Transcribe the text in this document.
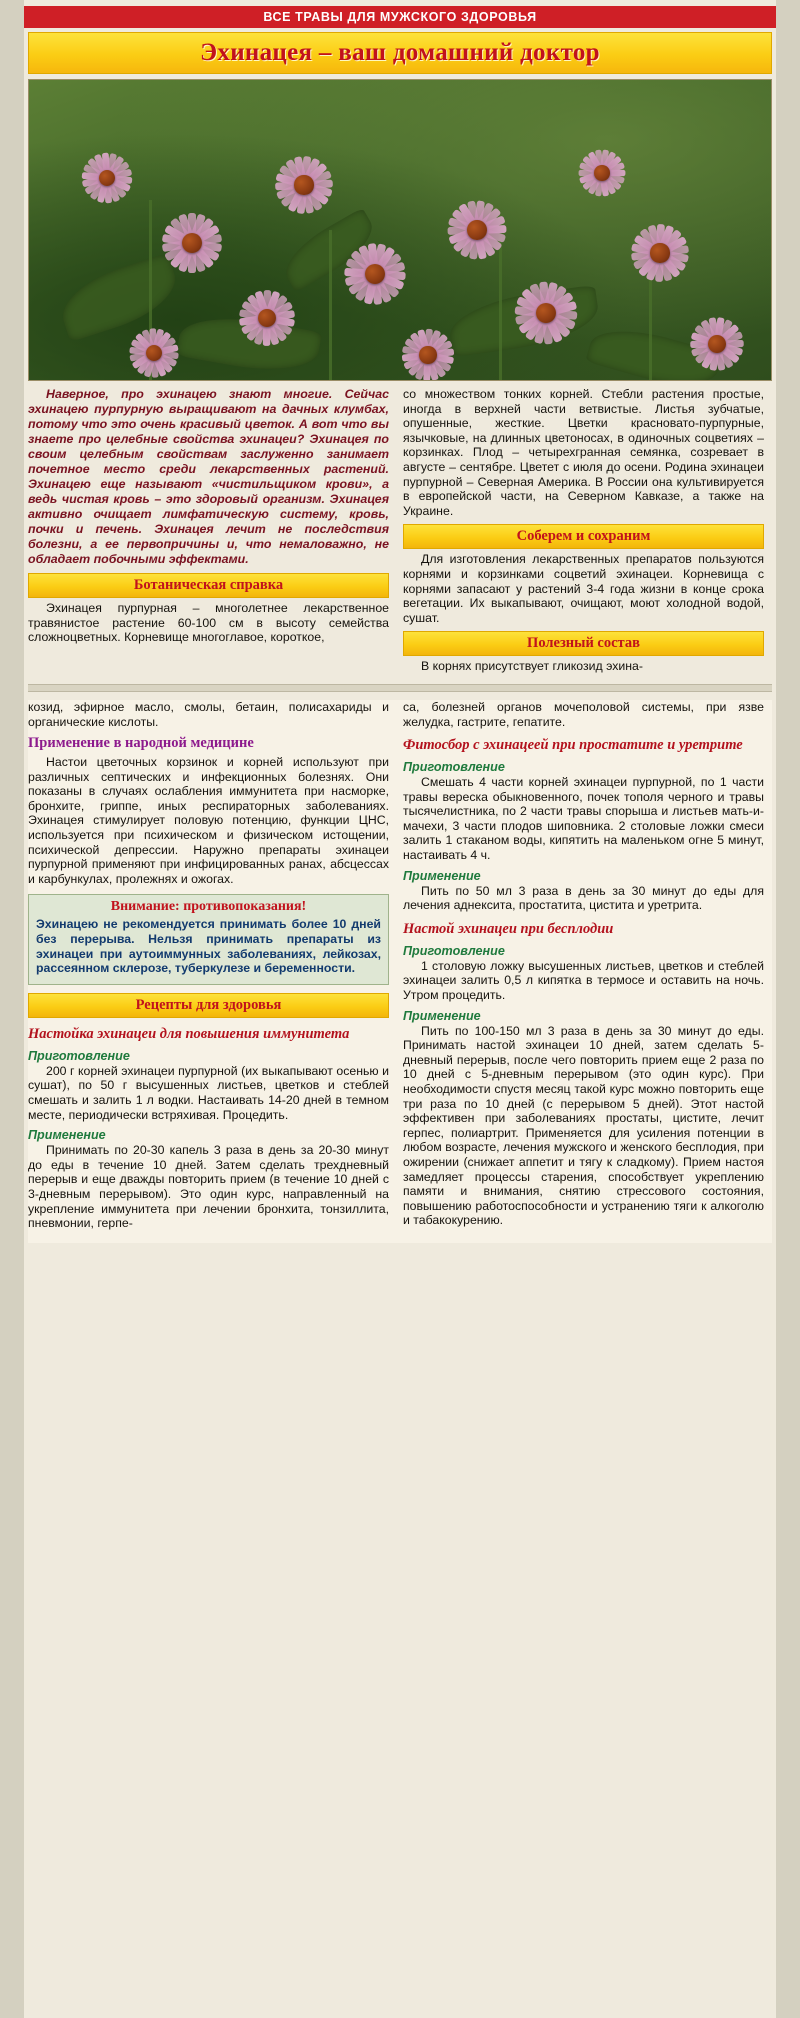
ВСЕ ТРАВЫ ДЛЯ МУЖСКОГО ЗДОРОВЬЯ
Эхинацея – ваш домашний доктор

Наверное, про эхинацею знают многие. Сейчас эхинацею пурпурную выращивают на дачных клумбах, потому что это очень красивый цветок. А вот что вы знаете про целебные свойства эхинацеи? Эхинацея по своим целебным свойствам заслуженно занимает почетное место среди лекарственных растений. Эхинацею еще называют «чистильщиком крови», а ведь чистая кровь – это здоровый организм. Эхинацея активно очищает лимфатическую систему, кровь, почки и печень. Эхинацея лечит не последствия болезни, а ее первопричины и, что немаловажно, не обладает побочными эффектами.

Ботаническая справка

Эхинацея пурпурная – многолетнее лекарственное травянистое растение 60-100 см в высоту семейства сложноцветных. Корневище многоглавое, короткое,

со множеством тонких корней. Стебли растения простые, иногда в верхней части ветвистые. Листья зубчатые, опушенные, жесткие. Цветки красновато-пурпурные, язычковые, на длинных цветоносах, в одиночных соцветиях – корзинках. Плод – четырехгранная семянка, созревает в августе – сентябре. Цветет с июля до осени. Родина эхинацеи пурпурной – Северная Америка. В России она культивируется в европейской части, на Северном Кавказе, а также на Украине.

Соберем и сохраним

Для изготовления лекарственных препаратов пользуются корнями и корзинками соцветий эхинацеи. Корневища с корнями запасают у растений 3-4 года жизни в конце срока вегетации. Их выкапывают, очищают, моют холодной водой, сушат.

Полезный состав

В корнях присутствует гликозид эхина-

козид, эфирное масло, смолы, бетаин, полисахариды и органические кислоты.

Применение в народной медицине

Настои цветочных корзинок и корней используют при различных септических и инфекционных болезнях. Они показаны в случаях ослабления иммунитета при насморке, бронхите, гриппе, иных респираторных заболеваниях. Эхинацея стимулирует половую потенцию, функции ЦНС, используется при психическом и физическом истощении, психической депрессии. Наружно препараты эхинацеи пурпурной применяют при инфицированных ранах, абсцессах и карбункулах, пролежнях и ожогах.

Внимание: противопоказания!

Эхинацею не рекомендуется принимать более 10 дней без перерыва. Нельзя принимать препараты из эхинацеи при аутоиммунных заболеваниях, лейкозах, рассеянном склерозе, туберкулезе и беременности.

Рецепты для здоровья
Настойка эхинацеи для повышения иммунитета
Приготовление

200 г корней эхинацеи пурпурной (их выкапывают осенью и сушат), по 50 г высушенных листьев, цветков и стеблей смешать и залить 1 л водки. Настаивать 14-20 дней в темном месте, периодически встряхивая. Процедить.

Применение

Принимать по 20-30 капель 3 раза в день за 20-30 минут до еды в течение 10 дней. Затем сделать трехдневный перерыв и еще дважды повторить прием (в течение 10 дней с 3-дневным перерывом). Это один курс, направленный на укрепление иммунитета при лечении бронхита, тонзиллита, пневмонии, герпе-

са, болезней органов мочеполовой системы, при язве желудка, гастрите, гепатите.

Фитосбор с эхинацеей при простатите и уретрите
Приготовление

Смешать 4 части корней эхинацеи пурпурной, по 1 части травы вереска обыкновенного, почек тополя черного и травы тысячелистника, по 2 части травы спорыша и листьев мать-и-мачехи, 3 части плодов шиповника. 2 столовые ложки смеси залить 1 стаканом воды, кипятить на маленьком огне 5 минут, настаивать 4 ч.

Применение

Пить по 50 мл 3 раза в день за 30 минут до еды для лечения аднексита, простатита, цистита и уретрита.

Настой эхинацеи при бесплодии
Приготовление

1 столовую ложку высушенных листьев, цветков и стеблей эхинацеи залить 0,5 л кипятка в термосе и оставить на ночь. Утром процедить.

Применение

Пить по 100-150 мл 3 раза в день за 30 минут до еды. Принимать настой эхинацеи 10 дней, затем сделать 5-дневный перерыв, после чего повторить прием еще 2 раза по 10 дней с 5-дневным перерывом (это один курс). При необходимости спустя месяц такой курс можно повторить еще три раза по 10 дней (с перерывом 5 дней). Этот настой эффективен при заболеваниях простаты, цистите, лечит герпес, полиартрит. Применяется для усиления потенции в любом возрасте, лечения мужского и женского бесплодия, при ожирении (снижает аппетит и тягу к сладкому). Прием настоя замедляет процессы старения, способствует укреплению памяти и внимания, снятию стрессового состояния, повышению работоспособности и устранению тяги к алкоголю и табакокурению.
